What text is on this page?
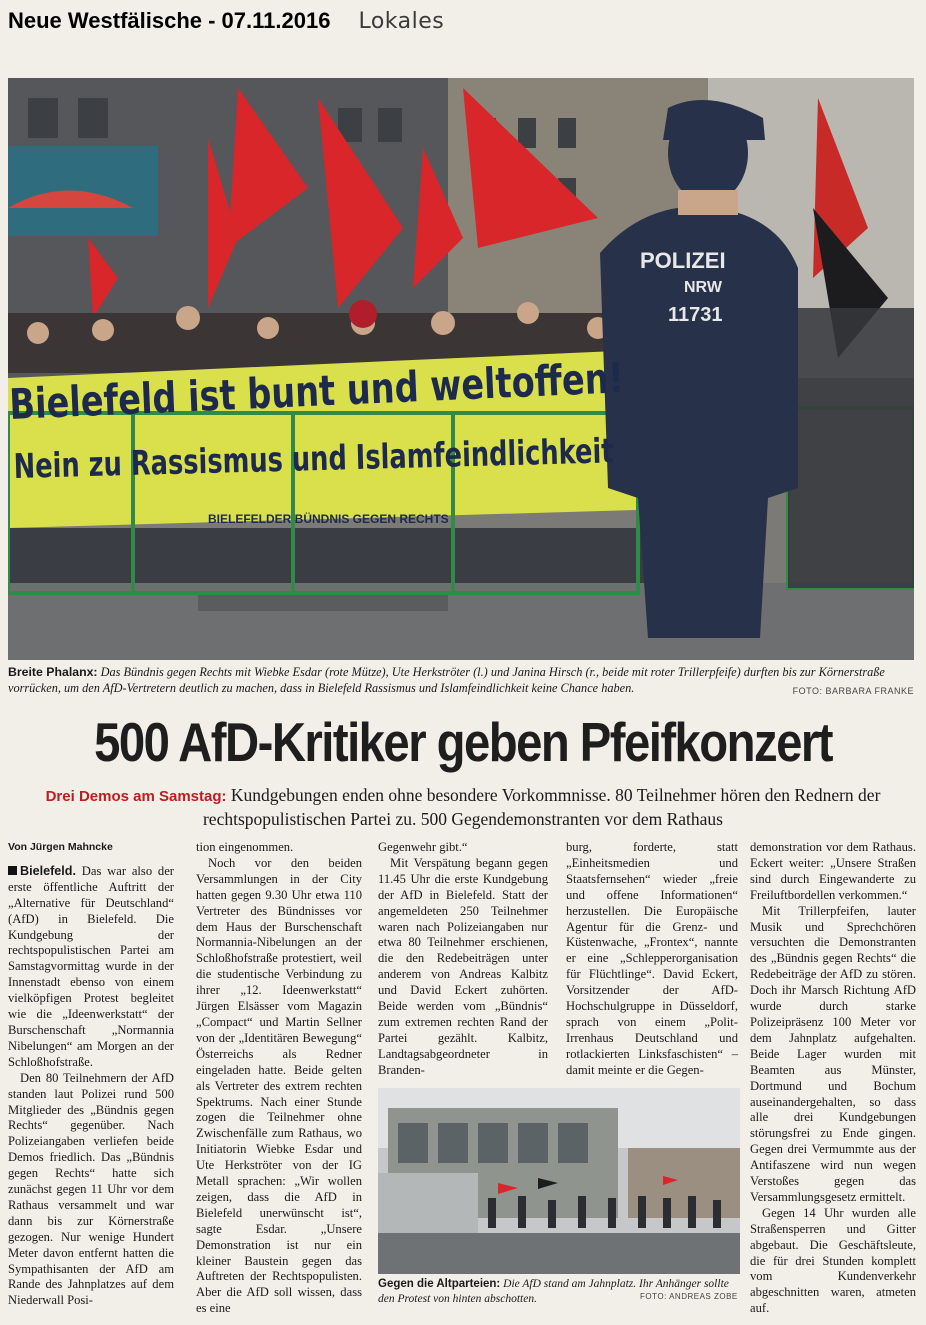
Neue Westfälische - 07.11.2016 Lokales
POLIZEI
NRW
11731
Bielefeld ist bunt und weltoffen!
Nein zu Rassismus und Islamfeindlichkeit
BIELEFELDER BÜNDNIS GEGEN RECHTS
Breite Phalanx: Das Bündnis gegen Rechts mit Wiebke Esdar (rote Mütze), Ute Herkströter (l.) und Janina Hirsch (r., beide mit roter Trillerpfeife) durften bis zur Körnerstraße vorrücken, um den AfD-Vertretern deutlich zu machen, dass in Bielefeld Rassismus und Islamfeindlichkeit keine Chance haben.	FOTO: BARBARA FRANKE
500 AfD-Kritiker geben Pfeifkonzert
Drei Demos am Samstag: Kundgebungen enden ohne besondere Vorkommnisse. 80 Teilnehmer hören den Rednern der rechtspopulistischen Partei zu. 500 Gegendemonstranten vor dem Rathaus

Von Jürgen Mahncke

Bielefeld. Das war also der erste öffentliche Auftritt der „Alternative für Deutschland“ (AfD) in Bielefeld. Die Kundgebung der rechtspopulistischen Partei am Samstagvormittag wurde in der Innenstadt ebenso von einem vielköpfigen Protest begleitet wie die „Ideenwerkstatt“ der Burschenschaft „Normannia Nibelungen“ am Morgen an der Schloßhofstraße.

Den 80 Teilnehmern der AfD standen laut Polizei rund 500 Mitglieder des „Bündnis gegen Rechts“ gegenüber. Nach Polizeiangaben verliefen beide Demos friedlich. Das „Bündnis gegen Rechts“ hatte sich zunächst gegen 11 Uhr vor dem Rathaus versammelt und war dann bis zur Körnerstraße gezogen. Nur wenige Hundert Meter davon entfernt hatten die Sympathisanten der AfD am Rande des Jahnplatzes auf dem Niederwall Posi-

tion eingenommen.

Noch vor den beiden Versammlungen in der City hatten gegen 9.30 Uhr etwa 110 Vertreter des Bündnisses vor dem Haus der Burschenschaft Normannia-Nibelungen an der Schloßhofstraße protestiert, weil die studentische Verbindung zu ihrer „12. Ideenwerkstatt“ Jürgen Elsässer vom Magazin „Compact“ und Martin Sellner von der „Identitären Bewegung“ Österreichs als Redner eingeladen hatte. Beide gelten als Vertreter des extrem rechten Spektrums. Nach einer Stunde zogen die Teilnehmer ohne Zwischenfälle zum Rathaus, wo Initiatorin Wiebke Esdar und Ute Herkströter von der IG Metall sprachen: „Wir wollen zeigen, dass die AfD in Bielefeld unerwünscht ist“, sagte Esdar. „Unsere Demonstration ist nur ein kleiner Baustein gegen das Auftreten der Rechtspopulisten. Aber die AfD soll wissen, dass es eine

Gegenwehr gibt.“

Mit Verspätung begann gegen 11.45 Uhr die erste Kundgebung der AfD in Bielefeld. Statt der angemeldeten 250 Teilnehmer waren nach Polizeiangaben nur etwa 80 Teilnehmer erschienen, die den Redebeiträgen unter anderem von Andreas Kalbitz und David Eckert zuhörten. Beide werden vom „Bündnis“ zum extremen rechten Rand der Partei gezählt. Kalbitz, Landtagsabgeordneter in Branden-

burg, forderte, statt „Einheitsmedien und Staatsfernsehen“ wieder „freie und offene Informationen“ herzustellen. Die Europäische Agentur für die Grenz- und Küstenwache, „Frontex“, nannte er eine „Schlepperorganisation für Flüchtlinge“. David Eckert, Vorsitzender der AfD-Hochschulgruppe in Düsseldorf, sprach von einem „Polit-Irrenhaus Deutschland und rotlackierten Linksfaschisten“ – damit meinte er die Gegen-

demonstration vor dem Rathaus. Eckert weiter: „Unsere Straßen sind durch Eingewanderte zu Freiluftbordellen verkommen.“

Mit Trillerpfeifen, lauter Musik und Sprechchören versuchten die Demonstranten des „Bündnis gegen Rechts“ die Redebeiträge der AfD zu stören. Doch ihr Marsch Richtung AfD wurde durch starke Polizeipräsenz 100 Meter vor dem Jahnplatz aufgehalten. Beide Lager wurden mit Beamten aus Münster, Dortmund und Bochum auseinandergehalten, so dass alle drei Kundgebungen störungsfrei zu Ende gingen. Gegen drei Vermummte aus der Antifaszene wird nun wegen Verstoßes gegen das Versammlungsgesetz ermittelt.

Gegen 14 Uhr wurden alle Straßensperren und Gitter abgebaut. Die Geschäftsleute, die für drei Stunden komplett vom Kundenverkehr abgeschnitten waren, atmeten auf.

Gegen die Altparteien: Die AfD stand am Jahnplatz. Ihr Anhänger sollte den Protest von hinten abschotten.	FOTO: ANDREAS ZOBE
